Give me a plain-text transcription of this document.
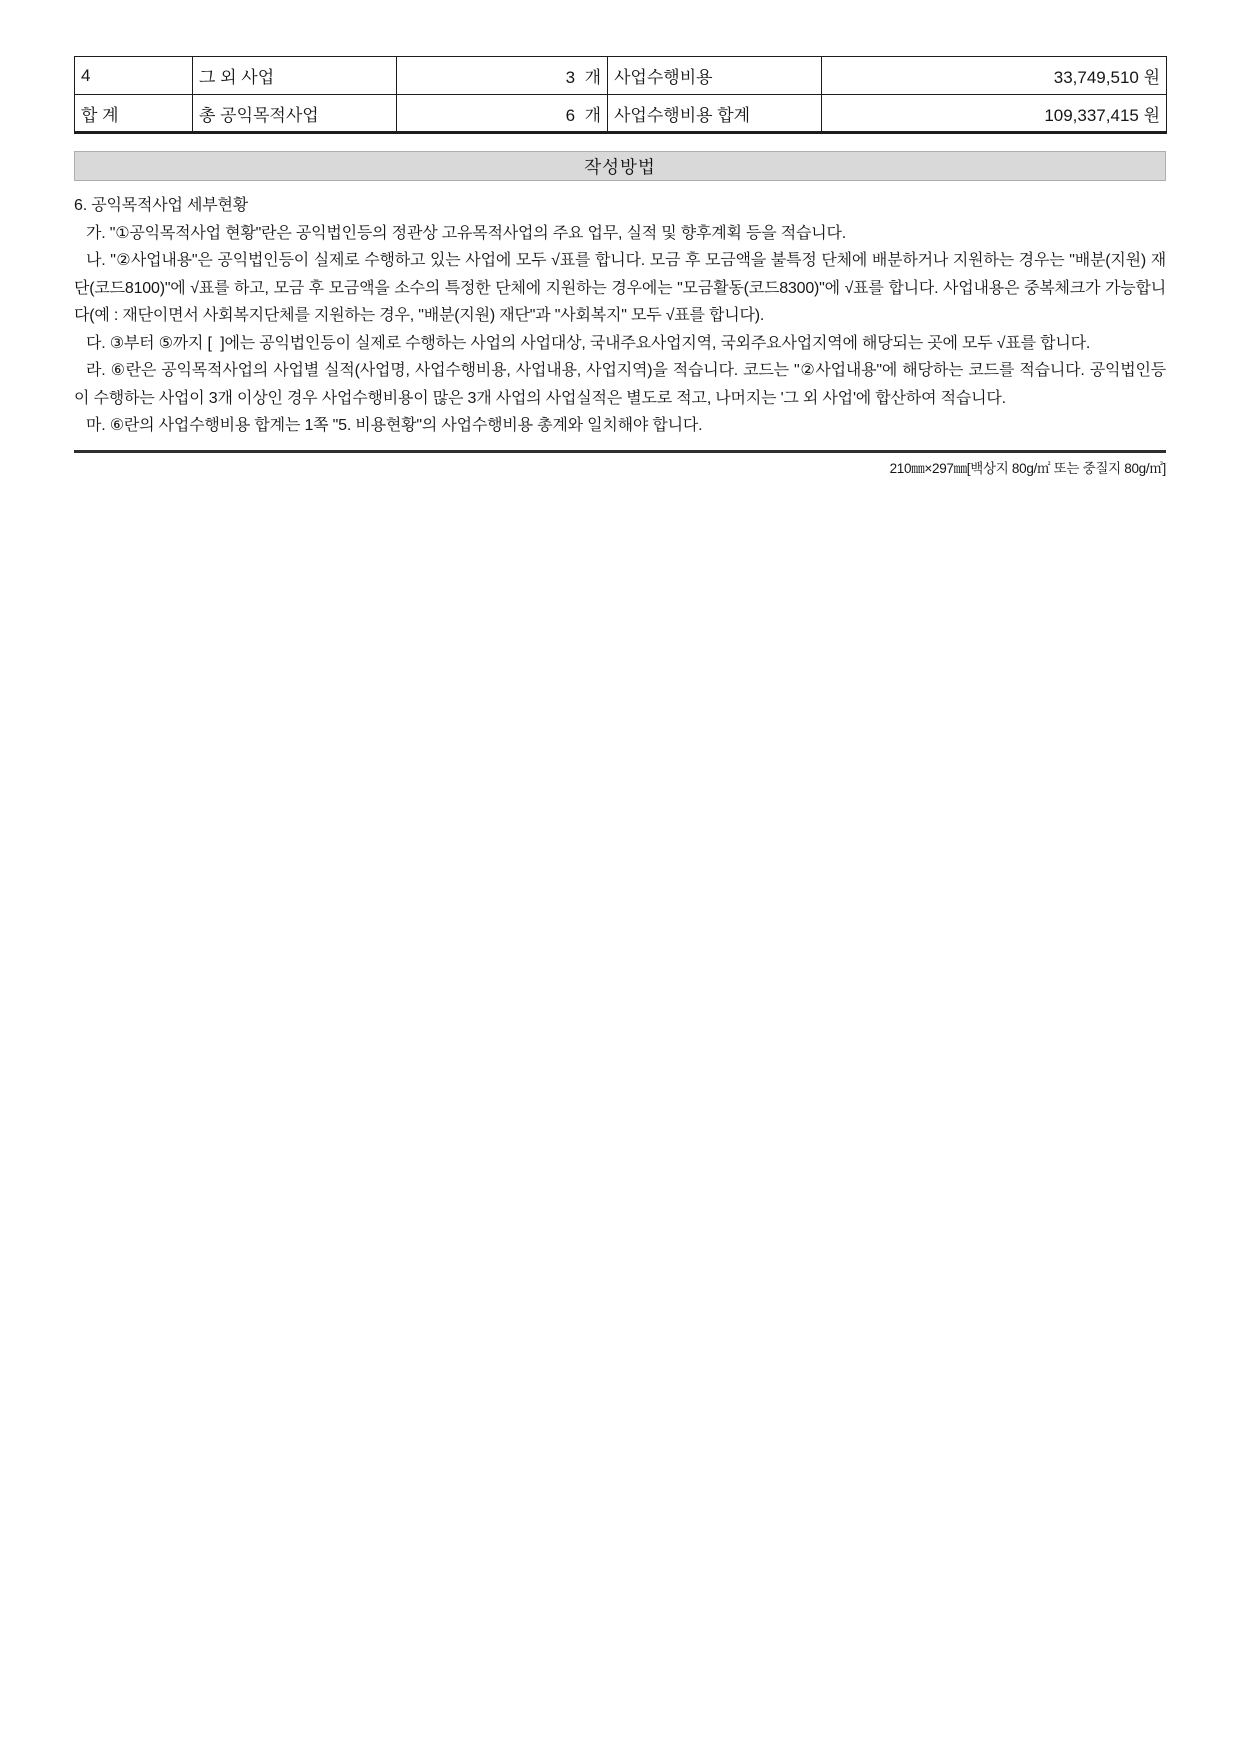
4	그 외 사업	3  개	사업수행비용	33,749,510 원
합 계	총 공익목적사업	6  개	사업수행비용 합계	109,337,415 원
작성방법

6. 공익목적사업 세부현황

가. "①공익목적사업 현황"란은 공익법인등의 정관상 고유목적사업의 주요 업무, 실적 및 향후계획 등을 적습니다.

나. "②사업내용"은 공익법인등이 실제로 수행하고 있는 사업에 모두 √표를 합니다. 모금 후 모금액을 불특정 단체에 배분하거나 지원하는 경우는 "배분(지원) 재단(코드8100)"에 √표를 하고, 모금 후 모금액을 소수의 특정한 단체에 지원하는 경우에는 "모금활동(코드8300)"에 √표를 합니다. 사업내용은 중복체크가 가능합니다(예 : 재단이면서 사회복지단체를 지원하는 경우, "배분(지원) 재단"과 "사회복지" 모두 √표를 합니다).

다. ③부터 ⑤까지 [  ]에는 공익법인등이 실제로 수행하는 사업의 사업대상, 국내주요사업지역, 국외주요사업지역에 해당되는 곳에 모두 √표를 합니다.

라. ⑥란은 공익목적사업의 사업별 실적(사업명, 사업수행비용, 사업내용, 사업지역)을 적습니다. 코드는 "②사업내용"에 해당하는 코드를 적습니다. 공익법인등이 수행하는 사업이 3개 이상인 경우 사업수행비용이 많은 3개 사업의 사업실적은 별도로 적고, 나머지는 '그 외 사업'에 합산하여 적습니다.

마. ⑥란의 사업수행비용 합계는 1쪽 "5. 비용현황"의 사업수행비용 총계와 일치해야 합니다.

210㎜×297㎜[백상지 80g/㎡ 또는 중질지 80g/㎡]
